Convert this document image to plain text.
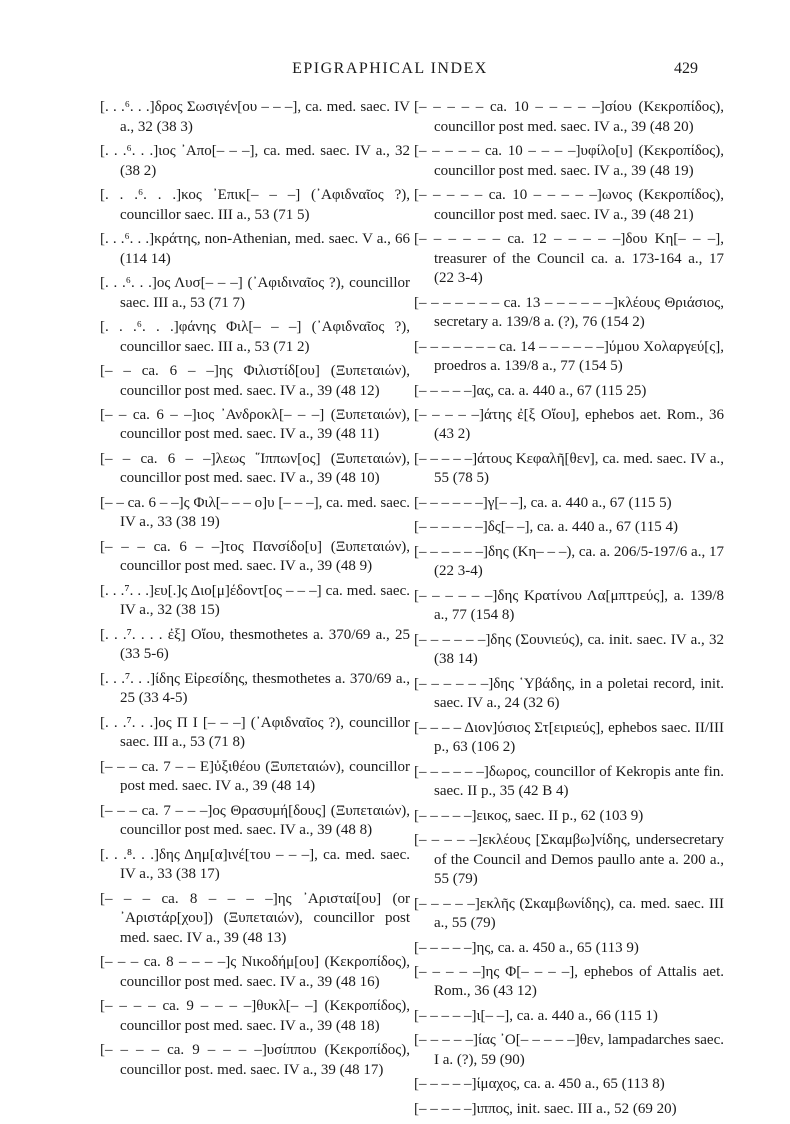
EPIGRAPHICAL INDEX	429

[. . .⁶. . .]δρος Σωσιγέν[ου – – –], ca. med. saec. IV a., 32 (38 3)

[. . .⁶. . .]ιος ᾿Απο[– – –], ca. med. saec. IV a., 32 (38 2)

[. . .⁶. . .]κος ᾿Επικ[– – –] (᾿Αφιδναῖος ?), councillor saec. III a., 53 (71 5)

[. . .⁶. . .]κράτης, non-Athenian, med. saec. V a., 66 (114 14)

[. . .⁶. . .]ος Λυσ[– – –] (᾿Αφιδιναῖος ?), councillor saec. III a., 53 (71 7)

[. . .⁶. . .]φάνης Φιλ[– – –] (᾿Αφιδναῖος ?), councillor saec. III a., 53 (71 2)

[– – ca. 6 – –]ης Φιλιστίδ[ου] (Ξυπεταιών), councillor post med. saec. IV a., 39 (48 12)

[– – ca. 6 – –]ιος ᾿Ανδροκλ[– – –] (Ξυπεταιών), councillor post med. saec. IV a., 39 (48 11)

[– – ca. 6 – –]λεως ῞Ιππων[ος] (Ξυπεταιών), councillor post med. saec. IV a., 39 (48 10)

[– – ca. 6 – –]ς Φιλ[– – – ο]υ [– – –], ca. med. saec. IV a., 33 (38 19)

[– – – ca. 6 – –]τος Πανσίδο[υ] (Ξυπεταιών), councillor post med. saec. IV a., 39 (48 9)

[. . .⁷. . .]ευ[.]ς Διο[μ]έδοντ[ος – – –] ca. med. saec. IV a., 32 (38 15)

[. . .⁷. . . . ἐξ] Οἴου, thesmothetes a. 370/69 a., 25 (33 5-6)

[. . .⁷. . .]ίδης Εἰρεσίδης, thesmothetes a. 370/69 a., 25 (33 4-5)

[. . .⁷. . .]ος Π Ι [– – –] (᾿Αφιδναῖος ?), councillor saec. III a., 53 (71 8)

[– – – ca. 7 – – Ε]ὐξιθέου (Ξυπεταιών), councillor post med. saec. IV a., 39 (48 14)

[– – – ca. 7 – – –]ος Θρασυμή[δους] (Ξυπεταιών), councillor post med. saec. IV a., 39 (48 8)

[. . .⁸. . .]δης Δημ[α]ινέ[του – – –], ca. med. saec. IV a., 33 (38 17)

[– – – ca. 8 – – – –]ης ᾿Αρισταί[ου] (or ᾿Αριστάρ[χου]) (Ξυπεταιών), councillor post med. saec. IV a., 39 (48 13)

[– – – ca. 8 – – – –]ς Νικοδήμ[ου] (Κεκροπίδος), councillor post med. saec. IV a., 39 (48 16)

[– – – – ca. 9 – – – –]θυκλ[– –] (Κεκροπίδος), councillor post med. saec. IV a., 39 (48 18)

[– – – – ca. 9 – – – –]υσίππου (Κεκροπίδος), councillor post. med. saec. IV a., 39 (48 17)

[– – – – – ca. 10 – – – – –]σίου (Κεκροπίδος), councillor post med. saec. IV a., 39 (48 20)

[– – – – – ca. 10 – – – –]υφίλο[υ] (Κεκροπίδος), councillor post med. saec. IV a., 39 (48 19)

[– – – – – ca. 10 – – – – –]ωνος (Κεκροπίδος), councillor post med. saec. IV a., 39 (48 21)

[– – – – – – ca. 12 – – – – –]δου Κη[– – –], treasurer of the Council ca. a. 173-164 a., 17 (22 3-4)

[– – – – – – – ca. 13 – – – – – –]κλέους Θριάσιος, secretary a. 139/8 a. (?), 76 (154 2)

[– – – – – – – ca. 14 – – – – – –]ύμου Χολαργεύ[ς], proedros a. 139/8 a., 77 (154 5)

[– – – – –]ας, ca. a. 440 a., 67 (115 25)

[– – – – –]άτης ἐ[ξ Οἴου], ephebos aet. Rom., 36 (43 2)

[– – – – –]άτους Κεφαλῆ[θεν], ca. med. saec. IV a., 55 (78 5)

[– – – – – –]γ[– –], ca. a. 440 a., 67 (115 5)

[– – – – – –]δς[– –], ca. a. 440 a., 67 (115 4)

[– – – – – –]δης (Κη– – –), ca. a. 206/5-197/6 a., 17 (22 3-4)

[– – – – – –]δης Κρατίνου Λα[μπτρεύς], a. 139/8 a., 77 (154 8)

[– – – – – –]δης (Σουνιεύς), ca. init. saec. IV a., 32 (38 14)

[– – – – – –]δης ῾Υβάδης, in a poletai record, init. saec. IV a., 24 (32 6)

[– – – – Διον]ύσιος Στ[ειριεύς], ephebos saec. II/III p., 63 (106 2)

[– – – – – –]δωρος, councillor of Kekropis ante fin. saec. II p., 35 (42 B 4)

[– – – – –]εικος, saec. II p., 62 (103 9)

[– – – – –]εκλέους [Σκαμβω]νίδης, undersecretary of the Council and Demos paullo ante a. 200 a., 55 (79)

[– – – – –]εκλῆς (Σκαμβωνίδης), ca. med. saec. III a., 55 (79)

[– – – – –]ης, ca. a. 450 a., 65 (113 9)

[– – – – –]ης Φ[– – – –], ephebos of Attalis aet. Rom., 36 (43 12)

[– – – – –]ι[– –], ca. a. 440 a., 66 (115 1)

[– – – – –]ίας ᾿Ο[– – – – –]θεν, lampadarches saec. I a. (?), 59 (90)

[– – – – –]ίμαχος, ca. a. 450 a., 65 (113 8)

[– – – – –]ιππος, init. saec. III a., 52 (69 20)
